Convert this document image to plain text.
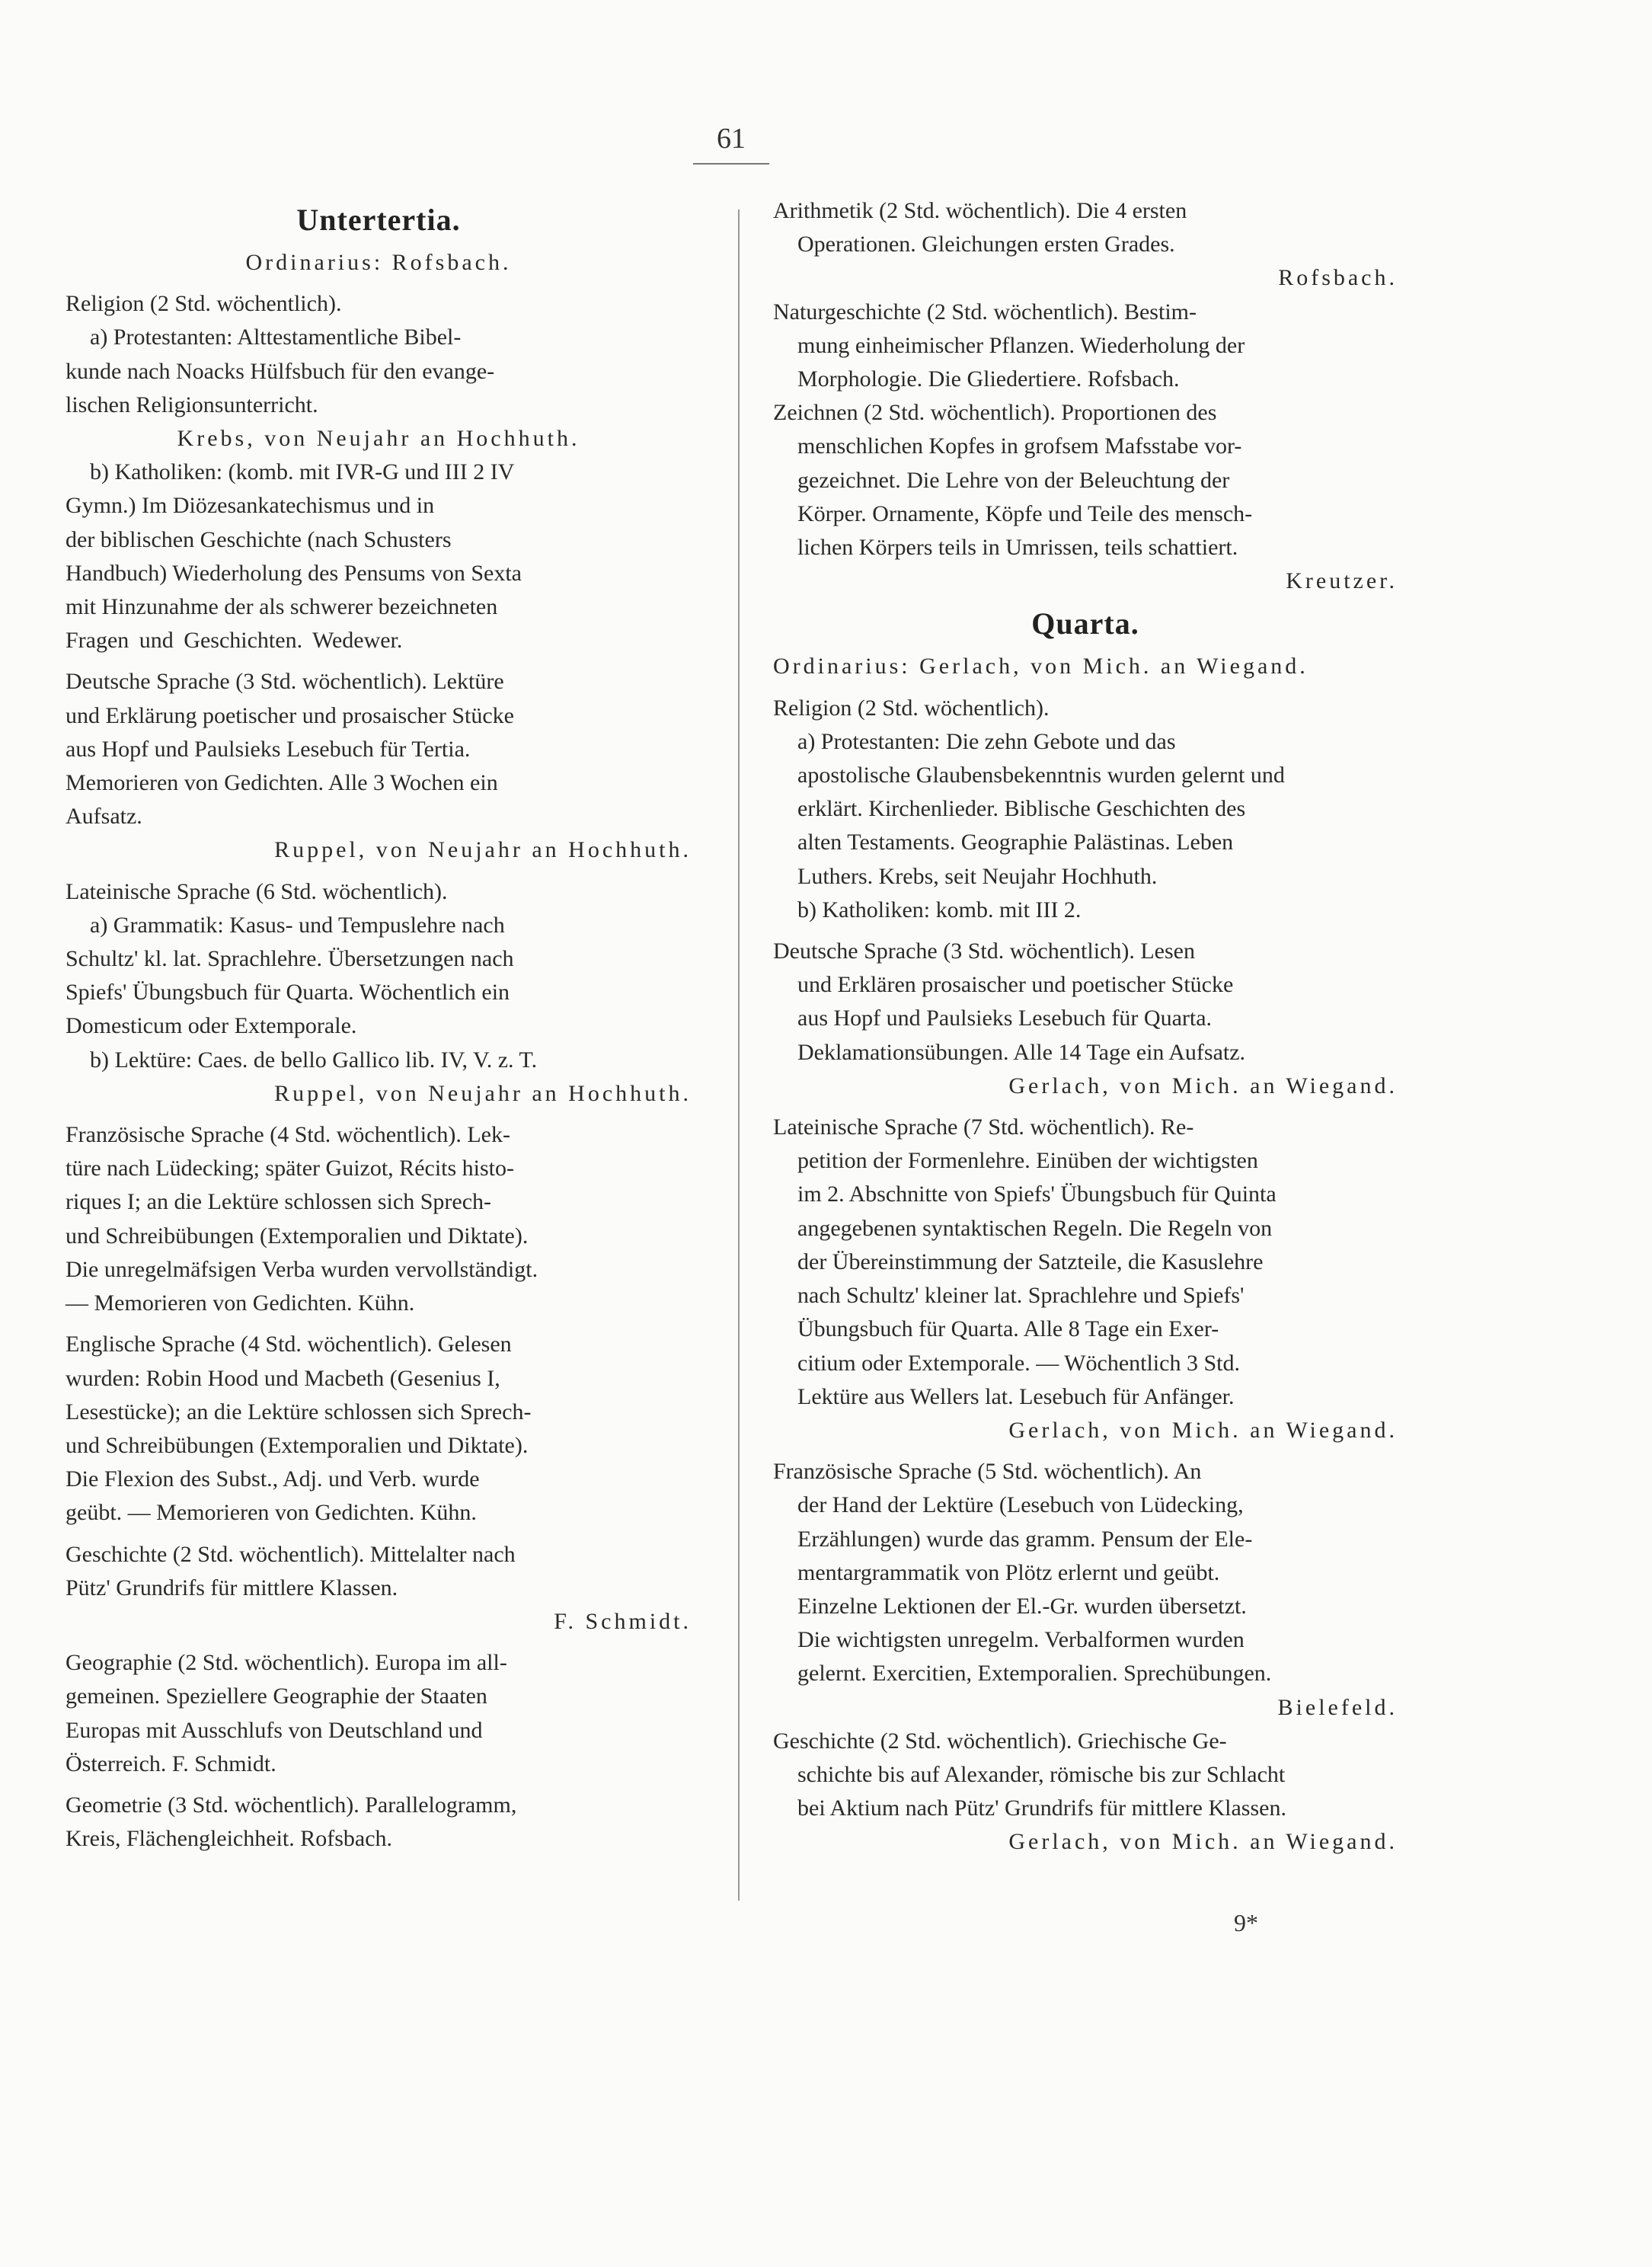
61
Untertertia.

Ordinarius: Rofsbach.

Religion (2 Std. wöchentlich).

a) Protestanten: Alttestamentliche Bibel-

kunde nach Noacks Hülfsbuch für den evange-

lischen Religionsunterricht.

Krebs, von Neujahr an Hochhuth.

b) Katholiken: (komb. mit IVR-G und III 2 IV

Gymn.) Im Diözesankatechismus und in

der biblischen Geschichte (nach Schusters

Handbuch) Wiederholung des Pensums von Sexta

mit Hinzunahme der als schwerer bezeichneten

Fragen und Geschichten. Wedewer.

Deutsche Sprache (3 Std. wöchentlich). Lektüre

und Erklärung poetischer und prosaischer Stücke

aus Hopf und Paulsieks Lesebuch für Tertia.

Memorieren von Gedichten. Alle 3 Wochen ein

Aufsatz.

Ruppel, von Neujahr an Hochhuth.

Lateinische Sprache (6 Std. wöchentlich).

a) Grammatik: Kasus- und Tempuslehre nach

Schultz' kl. lat. Sprachlehre. Übersetzungen nach

Spiefs' Übungsbuch für Quarta. Wöchentlich ein

Domesticum oder Extemporale.

b) Lektüre: Caes. de bello Gallico lib. IV, V. z. T.

Ruppel, von Neujahr an Hochhuth.

Französische Sprache (4 Std. wöchentlich). Lek-

türe nach Lüdecking; später Guizot, Récits histo-

riques I; an die Lektüre schlossen sich Sprech-

und Schreibübungen (Extemporalien und Diktate).

Die unregelmäfsigen Verba wurden vervollständigt.

— Memorieren von Gedichten. Kühn.

Englische Sprache (4 Std. wöchentlich). Gelesen

wurden: Robin Hood und Macbeth (Gesenius I,

Lesestücke); an die Lektüre schlossen sich Sprech-

und Schreibübungen (Extemporalien und Diktate).

Die Flexion des Subst., Adj. und Verb. wurde

geübt. — Memorieren von Gedichten. Kühn.

Geschichte (2 Std. wöchentlich). Mittelalter nach

Pütz' Grundrifs für mittlere Klassen.

F. Schmidt.

Geographie (2 Std. wöchentlich). Europa im all-

gemeinen. Speziellere Geographie der Staaten

Europas mit Ausschlufs von Deutschland und

Österreich. F. Schmidt.

Geometrie (3 Std. wöchentlich). Parallelogramm,

Kreis, Flächengleichheit. Rofsbach.

Arithmetik (2 Std. wöchentlich). Die 4 ersten

Operationen. Gleichungen ersten Grades.

Rofsbach.

Naturgeschichte (2 Std. wöchentlich). Bestim-

mung einheimischer Pflanzen. Wiederholung der

Morphologie. Die Gliedertiere. Rofsbach.

Zeichnen (2 Std. wöchentlich). Proportionen des

menschlichen Kopfes in grofsem Mafsstabe vor-

gezeichnet. Die Lehre von der Beleuchtung der

Körper. Ornamente, Köpfe und Teile des mensch-

lichen Körpers teils in Umrissen, teils schattiert.

Kreutzer.

Quarta.

Ordinarius: Gerlach, von Mich. an Wiegand.

Religion (2 Std. wöchentlich).

a) Protestanten: Die zehn Gebote und das

apostolische Glaubensbekenntnis wurden gelernt und

erklärt. Kirchenlieder. Biblische Geschichten des

alten Testaments. Geographie Palästinas. Leben

Luthers. Krebs, seit Neujahr Hochhuth.

b) Katholiken: komb. mit III 2.

Deutsche Sprache (3 Std. wöchentlich). Lesen

und Erklären prosaischer und poetischer Stücke

aus Hopf und Paulsieks Lesebuch für Quarta.

Deklamationsübungen. Alle 14 Tage ein Aufsatz.

Gerlach, von Mich. an Wiegand.

Lateinische Sprache (7 Std. wöchentlich). Re-

petition der Formenlehre. Einüben der wichtigsten

im 2. Abschnitte von Spiefs' Übungsbuch für Quinta

angegebenen syntaktischen Regeln. Die Regeln von

der Übereinstimmung der Satzteile, die Kasuslehre

nach Schultz' kleiner lat. Sprachlehre und Spiefs'

Übungsbuch für Quarta. Alle 8 Tage ein Exer-

citium oder Extemporale. — Wöchentlich 3 Std.

Lektüre aus Wellers lat. Lesebuch für Anfänger.

Gerlach, von Mich. an Wiegand.

Französische Sprache (5 Std. wöchentlich). An

der Hand der Lektüre (Lesebuch von Lüdecking,

Erzählungen) wurde das gramm. Pensum der Ele-

mentargrammatik von Plötz erlernt und geübt.

Einzelne Lektionen der El.-Gr. wurden übersetzt.

Die wichtigsten unregelm. Verbalformen wurden

gelernt. Exercitien, Extemporalien. Sprechübungen.

Bielefeld.

Geschichte (2 Std. wöchentlich). Griechische Ge-

schichte bis auf Alexander, römische bis zur Schlacht

bei Aktium nach Pütz' Grundrifs für mittlere Klassen.

Gerlach, von Mich. an Wiegand.

9*
